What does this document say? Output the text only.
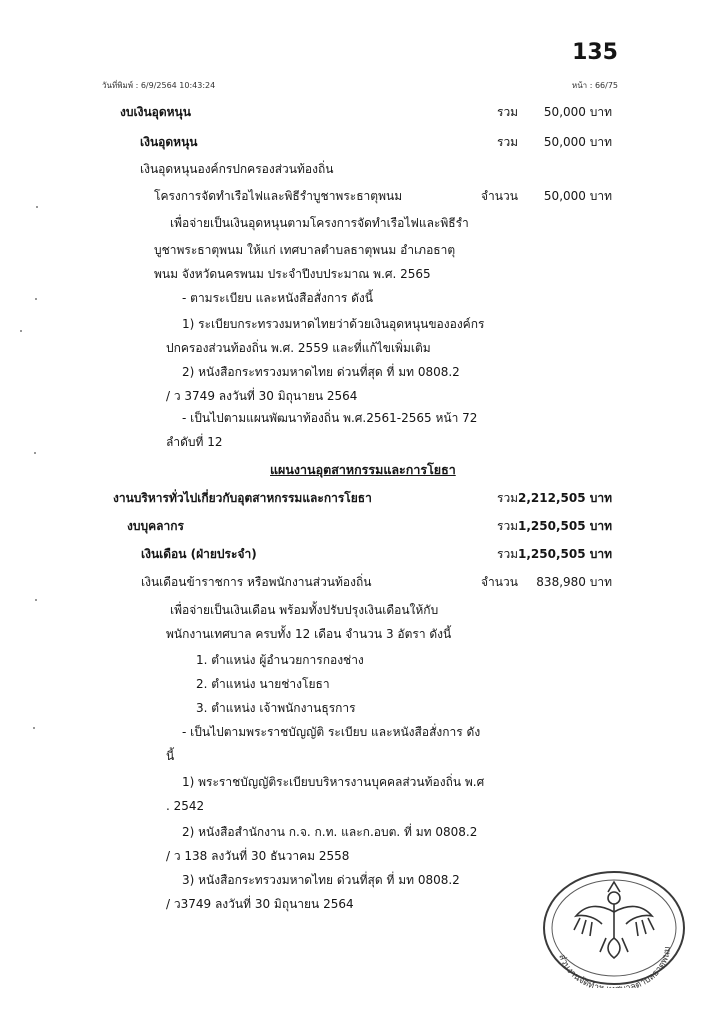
135
วันที่พิมพ์ : 6/9/2564 10:43:24	หน้า : 66/75
งบเงินอุดหนุน	รวม 50,000 บาท
เงินอุดหนุน	รวม 50,000 บาท
เงินอุดหนุนองค์กรปกครองส่วนท้องถิ่น
โครงการจัดทำเรือไฟและพิธีรำบูชาพระธาตุพนม	จำนวน 50,000 บาท
เพื่อจ่ายเป็นเงินอุดหนุนตามโครงการจัดทำเรือไฟและพิธีรำ
บูชาพระธาตุพนม ให้แก่ เทศบาลตำบลธาตุพนม อำเภอธาตุ
พนม จังหวัดนครพนม ประจำปีงบประมาณ พ.ศ. 2565
- ตามระเบียบ และหนังสือสั่งการ ดังนี้
1) ระเบียบกระทรวงมหาดไทยว่าด้วยเงินอุดหนุนขององค์กร
ปกครองส่วนท้องถิ่น พ.ศ. 2559 และที่แก้ไขเพิ่มเติม
2) หนังสือกระทรวงมหาดไทย ด่วนที่สุด ที่ มท 0808.2
/ ว 3749 ลงวันที่ 30 มิถุนายน 2564
- เป็นไปตามแผนพัฒนาท้องถิ่น พ.ศ.2561-2565 หน้า 72
ลำดับที่ 12
แผนงานอุตสาหกรรมและการโยธา
งานบริหารทั่วไปเกี่ยวกับอุตสาหกรรมและการโยธา	รวม 2,212,505 บาท
งบบุคลากร	รวม 1,250,505 บาท
เงินเดือน (ฝ่ายประจำ)	รวม 1,250,505 บาท
เงินเดือนข้าราชการ หรือพนักงานส่วนท้องถิ่น	จำนวน 838,980 บาท
เพื่อจ่ายเป็นเงินเดือน พร้อมทั้งปรับปรุงเงินเดือนให้กับ
พนักงานเทศบาล ครบทั้ง 12 เดือน จำนวน 3 อัตรา ดังนี้
1. ตำแหน่ง ผู้อำนวยการกองช่าง
2. ตำแหน่ง นายช่างโยธา
3. ตำแหน่ง เจ้าพนักงานธุรการ
- เป็นไปตามพระราชบัญญัติ ระเบียบ และหนังสือสั่งการ ดัง
นี้
1) พระราชบัญญัติระเบียบบริหารงานบุคคลส่วนท้องถิ่น พ.ศ
. 2542
2) หนังสือสำนักงาน ก.จ. ก.ท. และก.อบต. ที่ มท 0808.2
/ ว 138 ลงวันที่ 30 ธันวาคม 2558
3) หนังสือกระทรวงมหาดไทย ด่วนที่สุด ที่ มท 0808.2
/ ว3749 ลงวันที่ 30 มิถุนายน 2564
ส่วนงานจัดทำ ลตำบลธาตุพนม
